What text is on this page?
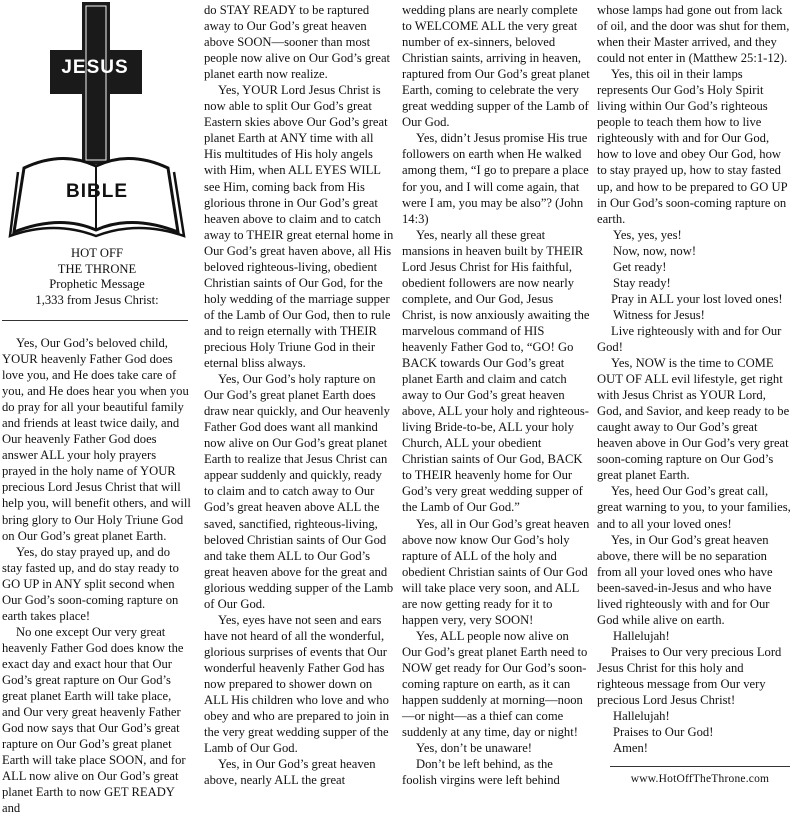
JESUS
BIBLE
HOT OFF
THE THRONE
Prophetic Message
1,333 from Jesus Christ:

Yes, Our God’s beloved child, YOUR heavenly Father God does love you, and He does take care of you, and He does hear you when you do pray for all your beautiful family and friends at least twice daily, and Our heavenly Father God does answer ALL your holy prayers prayed in the holy name of YOUR precious Lord Jesus Christ that will help you, will benefit others, and will bring glory to Our Holy Triune God on Our God’s great planet Earth.

Yes, do stay prayed up, and do stay fasted up, and do stay ready to GO UP in ANY split second when Our God’s soon-coming rapture on earth takes place!

No one except Our very great heavenly Father God does know the exact day and exact hour that Our God’s great rapture on Our God’s great planet Earth will take place, and Our very great heavenly Father God now says that Our God’s great rapture on Our God’s great planet Earth will take place SOON, and for ALL now alive on Our God’s great planet Earth to now GET READY and

do STAY READY to be raptured away to Our God’s great heaven above SOON—sooner than most people now alive on Our God’s great planet earth now realize.

Yes, YOUR Lord Jesus Christ is now able to split Our God’s great Eastern skies above Our God’s great planet Earth at ANY time with all His multitudes of His holy angels with Him, when ALL EYES WILL see Him, coming back from His glorious throne in Our God’s great heaven above to claim and to catch away to THEIR great eternal home in Our God’s great haven above, all His beloved righteous-living, obedient Christian saints of Our God, for the holy wedding of the marriage supper of the Lamb of Our God, then to rule and to reign eternally with THEIR precious Holy Triune God in their eternal bliss always.

Yes, Our God’s holy rapture on Our God’s great planet Earth does draw near quickly, and Our heavenly Father God does want all mankind now alive on Our God’s great planet Earth to realize that Jesus Christ can appear suddenly and quickly, ready to claim and to catch away to Our God’s great heaven above ALL the saved, sanctified, righteous-living, beloved Christian saints of Our God and take them ALL to Our God’s great heaven above for the great and glorious wedding supper of the Lamb of Our God.

Yes, eyes have not seen and ears have not heard of all the wonderful, glorious surprises of events that Our wonderful heavenly Father God has now prepared to shower down on ALL His children who love and who obey and who are prepared to join in the very great wedding supper of the Lamb of Our God.

Yes, in Our God’s great heaven above, nearly ALL the great

wedding plans are nearly complete to WELCOME ALL the very great number of ex-sinners, beloved Christian saints, arriving in heaven, raptured from Our God’s great planet Earth, coming to celebrate the very great wedding supper of the Lamb of Our God.

Yes, didn’t Jesus promise His true followers on earth when He walked among them, “I go to prepare a place for you, and I will come again, that were I am, you may be also”? (John 14:3)

Yes, nearly all these great mansions in heaven built by THEIR Lord Jesus Christ for His faithful, obedient followers are now nearly complete, and Our God, Jesus Christ, is now anxiously awaiting the marvelous command of HIS heavenly Father God to, “GO! Go BACK towards Our God’s great planet Earth and claim and catch away to Our God’s great heaven above, ALL your holy and righteous-living Bride-to-be, ALL your holy Church, ALL your obedient Christian saints of Our God, BACK to THEIR heavenly home for Our God’s very great wedding supper of the Lamb of Our God.”

Yes, all in Our God’s great heaven above now know Our God’s holy rapture of ALL of the holy and obedient Christian saints of Our God will take place very soon, and ALL are now getting ready for it to happen very, very SOON!

Yes, ALL people now alive on Our God’s great planet Earth need to NOW get ready for Our God’s soon-coming rapture on earth, as it can happen suddenly at morning—noon—or night—as a thief can come suddenly at any time, day or night!

Yes, don’t be unaware!

Don’t be left behind, as the foolish virgins were left behind

whose lamps had gone out from lack of oil, and the door was shut for them, when their Master arrived, and they could not enter in (Matthew 25:1-12).

Yes, this oil in their lamps represents Our God’s Holy Spirit living within Our God’s righteous people to teach them how to live righteously with and for Our God, how to love and obey Our God, how to stay prayed up, how to stay fasted up, and how to be prepared to GO UP in Our God’s soon-coming rapture on earth.

Yes, yes, yes!

Now, now, now!

Get ready!

Stay ready!

Pray in ALL your lost loved ones!

Witness for Jesus!

Live righteously with and for Our God!

Yes, NOW is the time to COME OUT OF ALL evil lifestyle, get right with Jesus Christ as YOUR Lord, God, and Savior, and keep ready to be caught away to Our God’s great heaven above in Our God’s very great soon-coming rapture on Our God’s great planet Earth.

Yes, heed Our God’s great call, great warning to you, to your families, and to all your loved ones!

Yes, in Our God’s great heaven above, there will be no separation from all your loved ones who have been-saved-in-Jesus and who have lived righteously with and for Our God while alive on earth.

Hallelujah!

Praises to Our very precious Lord Jesus Christ for this holy and righteous message from Our very precious Lord Jesus Christ!

Hallelujah!

Praises to Our God!

Amen!

www.HotOffTheThrone.com
